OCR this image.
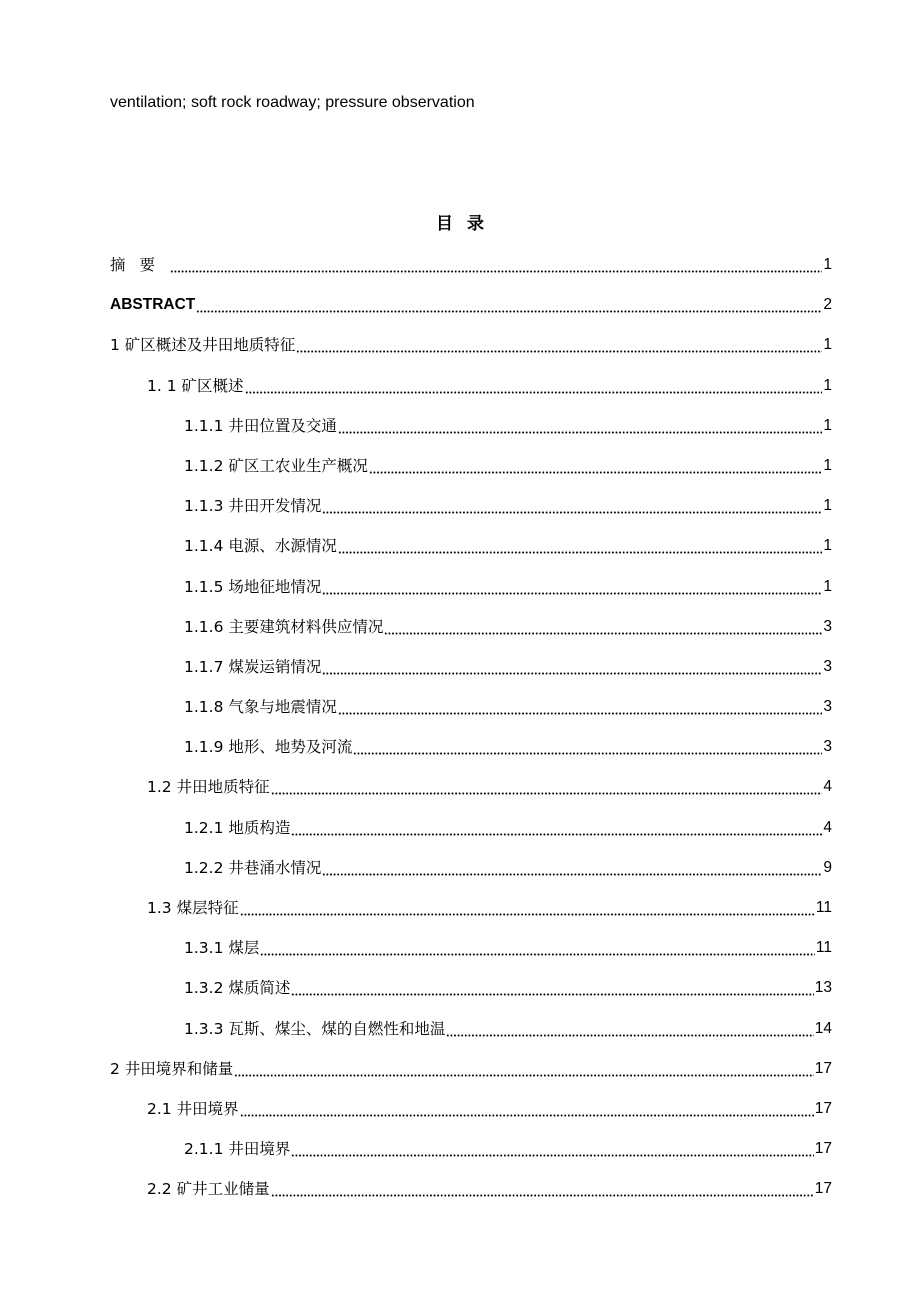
ventilation; soft rock roadway; pressure observation
目录
摘要	1
ABSTRACT	2
1 矿区概述及井田地质特征	1
1. 1 矿区概述	1
1.1.1 井田位置及交通	1
1.1.2 矿区工农业生产概况	1
1.1.3 井田开发情况	1
1.1.4 电源、水源情况	1
1.1.5 场地征地情况	1
1.1.6 主要建筑材料供应情况	3
1.1.7 煤炭运销情况	3
1.1.8 气象与地震情况	3
1.1.9 地形、地势及河流	3
1.2 井田地质特征	4
1.2.1 地质构造	4
1.2.2 井巷涌水情况	9
1.3 煤层特征	11
1.3.1 煤层	11
1.3.2 煤质简述	13
1.3.3 瓦斯、煤尘、煤的自燃性和地温	14
2 井田境界和储量	17
2.1 井田境界	17
2.1.1 井田境界	17
2.2 矿井工业储量	17
